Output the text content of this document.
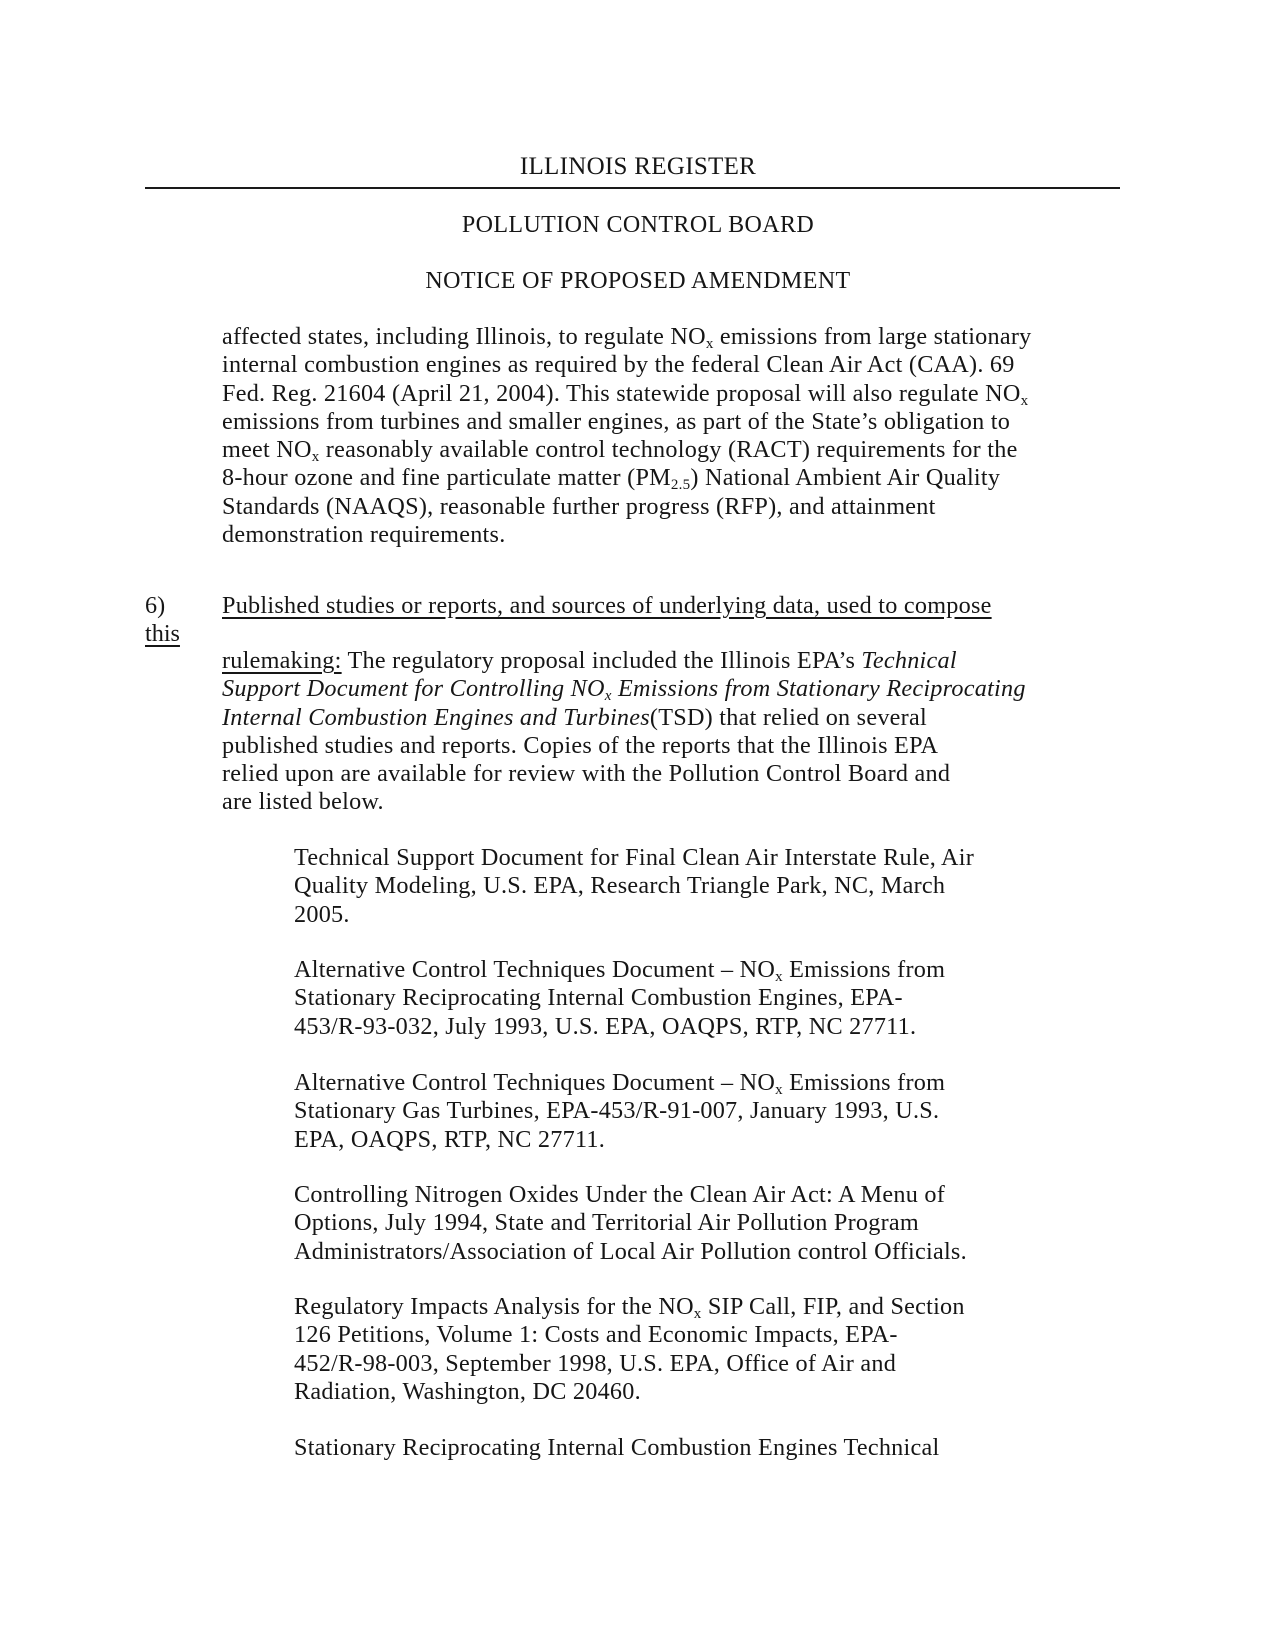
ILLINOIS REGISTER
POLLUTION CONTROL BOARD
NOTICE OF PROPOSED AMENDMENT
affected states, including Illinois, to regulate $NO_x$ emissions from large stationary
internal combustion engines as required by the federal Clean Air Act (CAA). 69
Fed. Reg. 21604 (April 21, 2004). This statewide proposal will also regulate $NO_x$
emissions from turbines and smaller engines, as part of the State’s obligation to
meet $NO_x$ reasonably available control technology (RACT) requirements for the
8-hour ozone and fine particulate matter $(PM_{2.5})$ National Ambient Air Quality
Standards (NAAQS), reasonable further progress (RFP), and attainment
demonstration requirements.
6) Published studies or reports, and sources of underlying data, used to compose
this
rulemaking: The regulatory proposal included the Illinois EPA’s Technical
Support Document for Controlling $NO_x$ Emissions from Stationary Reciprocating
Internal Combustion Engines and Turbines(TSD) that relied on several
published studies and reports. Copies of the reports that the Illinois EPA
relied upon are available for review with the Pollution Control Board and
are listed below.
Technical Support Document for Final Clean Air Interstate Rule, Air
Quality Modeling, U.S. EPA, Research Triangle Park, NC, March
2005.
Alternative Control Techniques Document – $NO_x$ Emissions from
Stationary Reciprocating Internal Combustion Engines, EPA-
453/R-93-032, July 1993, U.S. EPA, OAQPS, RTP, NC 27711.
Alternative Control Techniques Document – $NO_x$ Emissions from
Stationary Gas Turbines, EPA-453/R-91-007, January 1993, U.S.
EPA, OAQPS, RTP, NC 27711.
Controlling Nitrogen Oxides Under the Clean Air Act: A Menu of
Options, July 1994, State and Territorial Air Pollution Program
Administrators/Association of Local Air Pollution control Officials.
Regulatory Impacts Analysis for the $NO_x$ SIP Call, FIP, and Section
126 Petitions, Volume 1: Costs and Economic Impacts, EPA-
452/R-98-003, September 1998, U.S. EPA, Office of Air and
Radiation, Washington, DC 20460.
Stationary Reciprocating Internal Combustion Engines Technical
